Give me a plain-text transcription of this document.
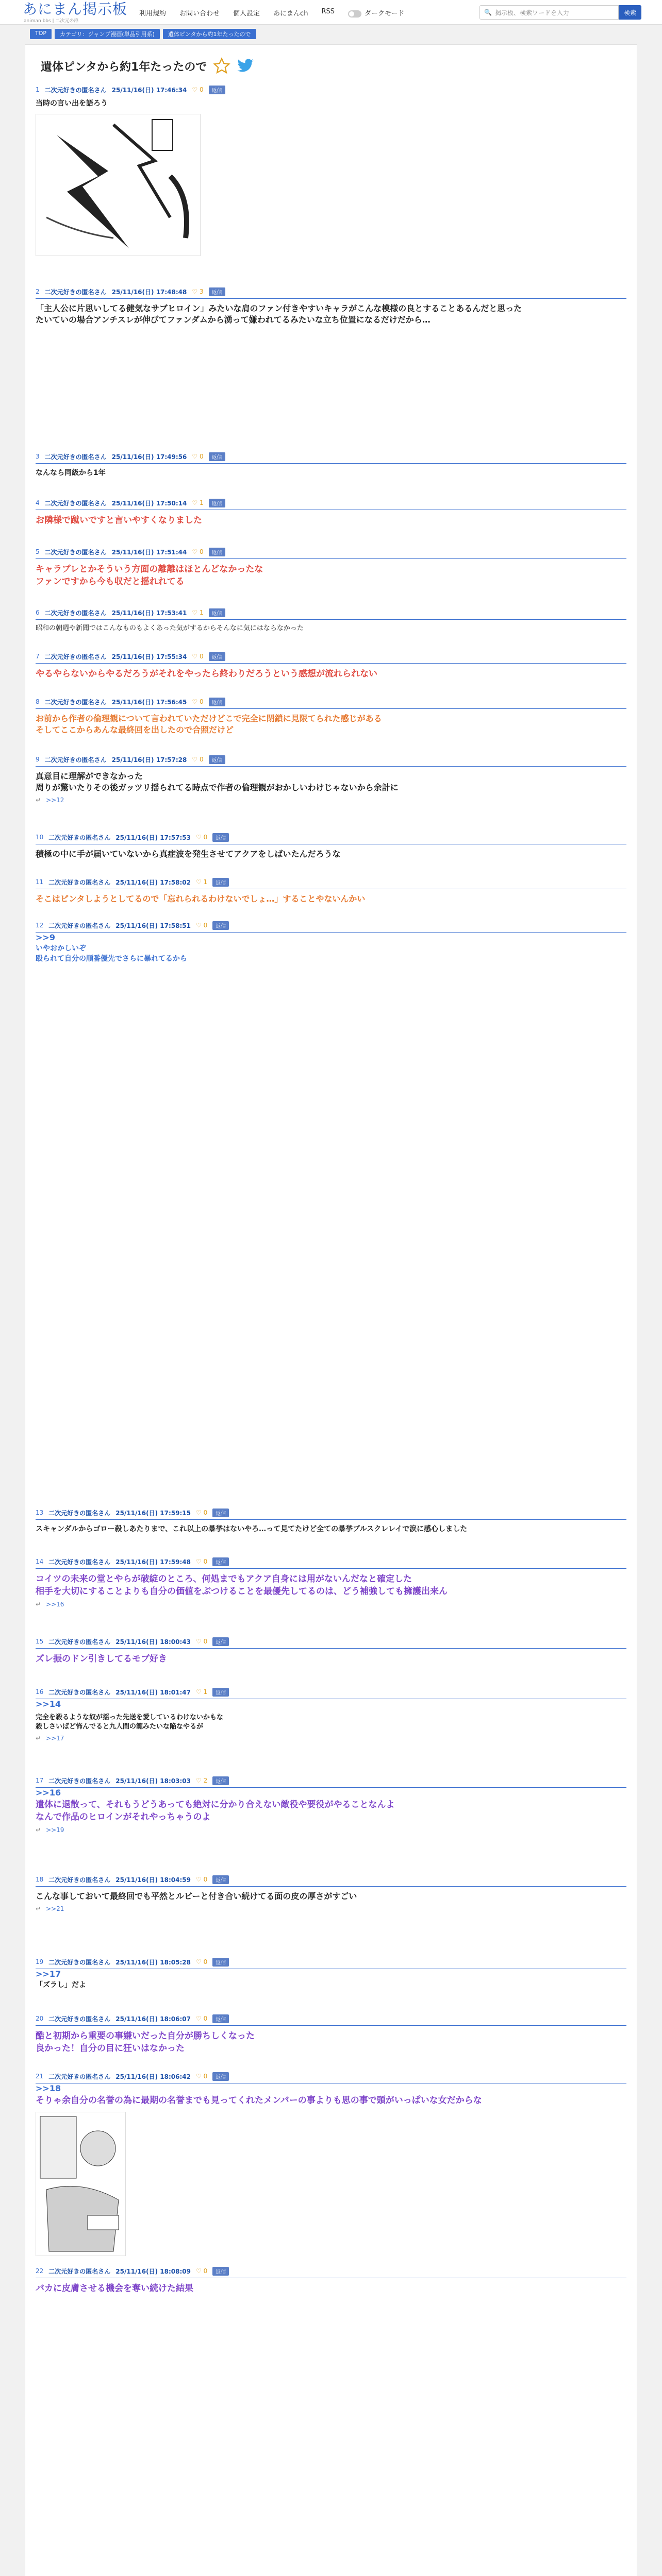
あにまん掲示板
animan bbs | 二次元の扉
利用規約 お問い合わせ 個人設定 あにまんch RSS	ダークモード	🔍 掲示板、検索ワードを入力	検索
TOP	カテゴリ：ジャンプ漫画(単品引用系)	遺体ピンタから約1年たったので
遺体ピンタから約1年たったので
1 二次元好きの匿名さん 25/11/16(日) 17:46:34 ♡ 0	返信
当時の言い出を語ろう
2 二次元好きの匿名さん 25/11/16(日) 17:48:48 ♡ 3	返信
「主人公に片思いしてる健気なサブヒロイン」みたいな肩のファン付きやすいキャラがこんな模様の良とすることあるんだと思った
たいていの場合アンチスレが伸びてファンダムから湧って嫌われてるみたいな立ち位置になるだけだから…
3 二次元好きの匿名さん 25/11/16(日) 17:49:56 ♡ 0	返信
なんなら同級から1年
4 二次元好きの匿名さん 25/11/16(日) 17:50:14 ♡ 1	返信
お隣様で蹴いですと言いやすくなりました
5 二次元好きの匿名さん 25/11/16(日) 17:51:44 ♡ 0	返信
キャラブレとかそういう方面の離離はほとんどなかったな
ファンですから今も収だと揺れれてる
6 二次元好きの匿名さん 25/11/16(日) 17:53:41 ♡ 1	返信
昭和の朝週や新聞ではこんなものもよくあった気がするからそんなに気にはならなかった
7 二次元好きの匿名さん 25/11/16(日) 17:55:34 ♡ 0	返信
やるやらないからやるだろうがそれをやったら終わりだろうという感想が流れられない
8 二次元好きの匿名さん 25/11/16(日) 17:56:45 ♡ 0	返信
お前から作者の倫理観について言われていただけどこで完全に閉鎖に見限てられた感じがある
そしてここからあんな最終回を出したので合照だけど
9 二次元好きの匿名さん 25/11/16(日) 17:57:28 ♡ 0	返信
真意目に理解ができなかった
周りが驚いたりその後ガッツリ揺られてる時点で作者の倫理観がおかしいわけじゃないから余計に
↵ >>12
10 二次元好きの匿名さん 25/11/16(日) 17:57:53 ♡ 0	返信
積極の中に手が届いていないから真症波を発生させてアクアをしばいたんだろうな
11 二次元好きの匿名さん 25/11/16(日) 17:58:02 ♡ 1	返信
そこはピンタしようとしてるので「忘れられるわけないでしょ…」することやないんかい
12 二次元好きの匿名さん 25/11/16(日) 17:58:51 ♡ 0	返信
>>9
いやおかしいぞ
殴られて自分の順番優先でさらに暴れてるから
13 二次元好きの匿名さん 25/11/16(日) 17:59:15 ♡ 0	返信
スキャンダルからゴロー殺しあたりまで、これ以上の暴挙はないやろ…って見てたけど全ての暴挙ブルスクレレイで涙に感心しました
14 二次元好きの匿名さん 25/11/16(日) 17:59:48 ♡ 0	返信
コイツの未来の堂とやらが破綻のところ、何処までもアクア自身には用がないんだなと確定した
相手を大切にすることよりも自分の価値をぶつけることを最優先してるのは、どう補強しても擁護出来ん
↵ >>16
15 二次元好きの匿名さん 25/11/16(日) 18:00:43 ♡ 0	返信
ズレ振のドン引きしてるモブ好き
16 二次元好きの匿名さん 25/11/16(日) 18:01:47 ♡ 1	返信
>>14
完全を殺るような奴が揺った先送を愛しているわけないかもな
殺しさいばど怖んでると九人間の範みたいな陥なやるが
↵ >>17
17 二次元好きの匿名さん 25/11/16(日) 18:03:03 ♡ 2	返信
>>16
遺体に退散って、それもうどうあっても絶対に分かり合えない敵役や要役がやることなんよ
なんで作品のヒロインがそれやっちゃうのよ
↵ >>19
18 二次元好きの匿名さん 25/11/16(日) 18:04:59 ♡ 0	返信
こんな事しておいて最終回でも平然とルビーと付き合い続けてる面の皮の厚さがすごい
↵ >>21
19 二次元好きの匿名さん 25/11/16(日) 18:05:28 ♡ 0	返信
>>17
「ズラし」だよ
20 二次元好きの匿名さん 25/11/16(日) 18:06:07 ♡ 0	返信
酷と初期から重要の事嫌いだった自分が勝ちしくなった
良かった！自分の目に狂いはなかった
21 二次元好きの匿名さん 25/11/16(日) 18:06:42 ♡ 0	返信
>>18
そりゃ余自分の名誉の為に最期の名誉までも見ってくれたメンバーの事よりも思の事で頭がいっぱいな女だからな
22 二次元好きの匿名さん 25/11/16(日) 18:08:09 ♡ 0	返信
バカに皮膚させる機会を奪い続けた結果
